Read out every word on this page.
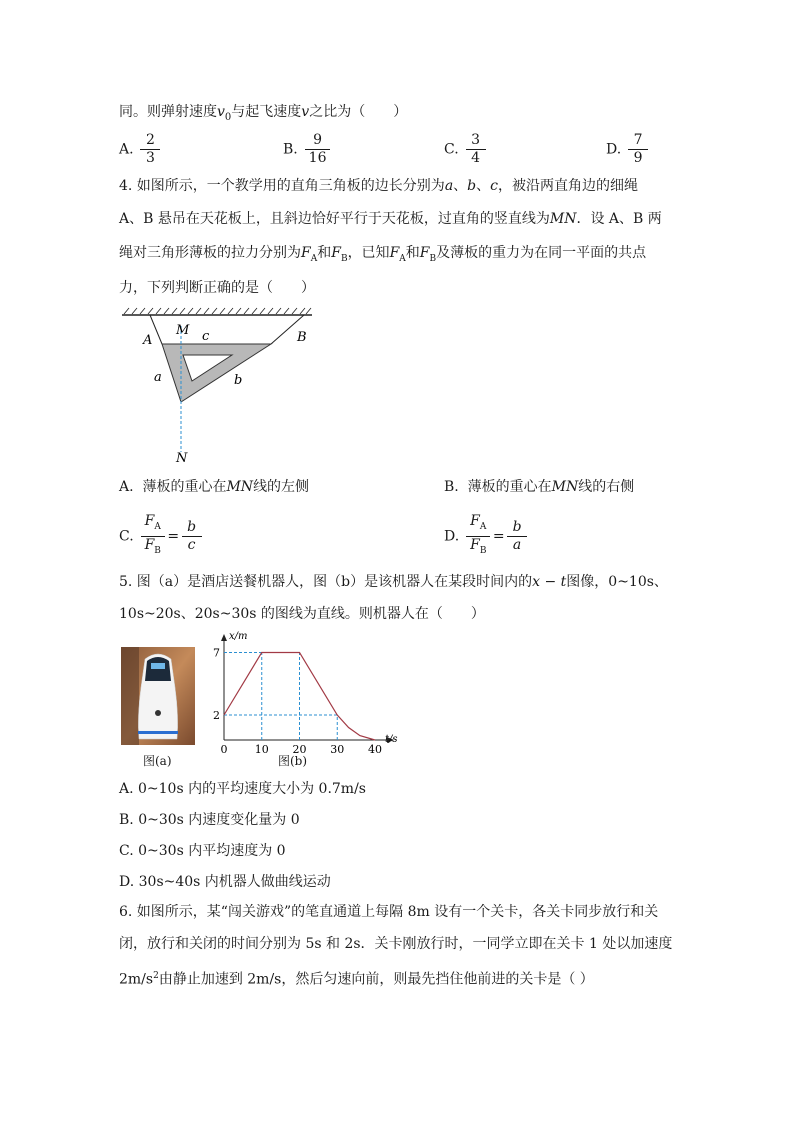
同。则弹射速度$v_0$与起飞速度v之比为（　　）
A. $\frac{2}{3}$	B. $\frac{9}{16}$	C. $\frac{3}{4}$	D. $\frac{7}{9}$
4. 如图所示，一个教学用的直角三角板的边长分别为a、b、c，被沿两直角边的细绳
A、B 悬吊在天花板上，且斜边恰好平行于天花板，过直角的竖直线为MN．设 A、B 两
绳对三角形薄板的拉力分别为$F_A$和$F_B$，已知$F_A$和$F_B$及薄板的重力为在同一平面的共点
力，下列判断正确的是（　　）
M
A	B
c
a	b
N
A. 薄板的重心在MN线的左侧	B. 薄板的重心在MN线的右侧
C. $\frac{F_A}{F_B} = \frac{b}{c}$	D. $\frac{F_A}{F_B} = \frac{b}{a}$
5. 图（a）是酒店送餐机器人，图（b）是该机器人在某段时间内的x − t图像，0~10s、
10s~20s、20s~30s 的图线为直线。则机器人在（　　）
图(a)
x/m
t/s
2
7
0 10 20 30 40
图(b)
A. 0~10s 内的平均速度大小为 0.7m/s
B. 0~30s 内速度变化量为 0
C. 0~30s 内平均速度为 0
D. 30s~40s 内机器人做曲线运动
6. 如图所示，某“闯关游戏”的笔直通道上每隔 8m 设有一个关卡，各关卡同步放行和关
闭，放行和关闭的时间分别为 5s 和 2s．关卡刚放行时，一同学立即在关卡 1 处以加速度
$2m/s^2$由静止加速到 2m/s，然后匀速向前，则最先挡住他前进的关卡是（ ）
